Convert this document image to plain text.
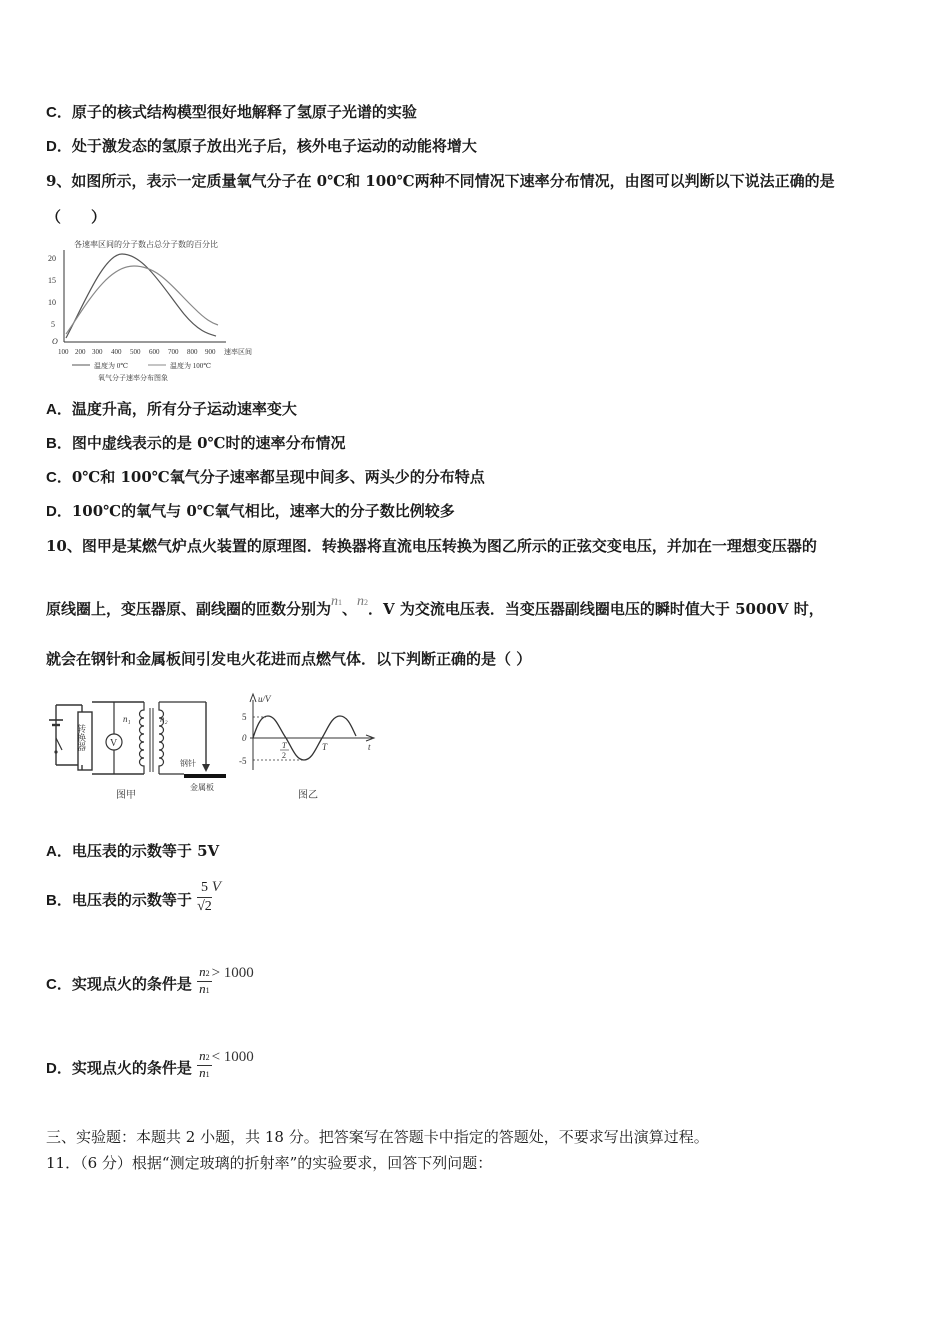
C．原子的核式结构模型很好地解释了氢原子光谱的实验
D．处于激发态的氢原子放出光子后，核外电子运动的动能将增大
9、如图所示，表示一定质量氧气分子在 0℃和 100℃两种不同情况下速率分布情况，由图可以判断以下说法正确的是
（　　）
各速率区间的分子数占总分子数的百分比
20
15
10
5
O
100 200 300 400 500 600 700 800 900 速率区间
温度为 0℃	温度为 100℃
氧气分子速率分布图象
A．温度升高，所有分子运动速率变大
B．图中虚线表示的是 0℃时的速率分布情况
C．0℃和 100℃氧气分子速率都呈现中间多、两头少的分布特点
D．100℃的氧气与 0℃氧气相比，速率大的分子数比例较多
10、图甲是某燃气炉点火装置的原理图．转换器将直流电压转换为图乙所示的正弦交变电压，并加在一理想变压器的
原线圈上，变压器原、副线圈的匝数分别为n1、n2．V 为交流电压表．当变压器副线圈电压的瞬时值大于 5000V 时，
就会在钢针和金属板间引发电火花进而点燃气体．以下判断正确的是（ ）
转换器 V
n₁	n₂
钢针
金属板
图甲
u/V
5
0
-5
T
2
T	t
图乙
A．电压表的示数等于 5V
B．电压表的示数等于 $\frac{5}{√2}$ V
C．实现点火的条件是 $\frac{n2}{n1} > 1000$
D．实现点火的条件是 $\frac{n2}{n1} < 1000$
三、实验题：本题共 2 小题，共 18 分。把答案写在答题卡中指定的答题处，不要求写出演算过程。
11．（6 分）根据“测定玻璃的折射率”的实验要求，回答下列问题：
